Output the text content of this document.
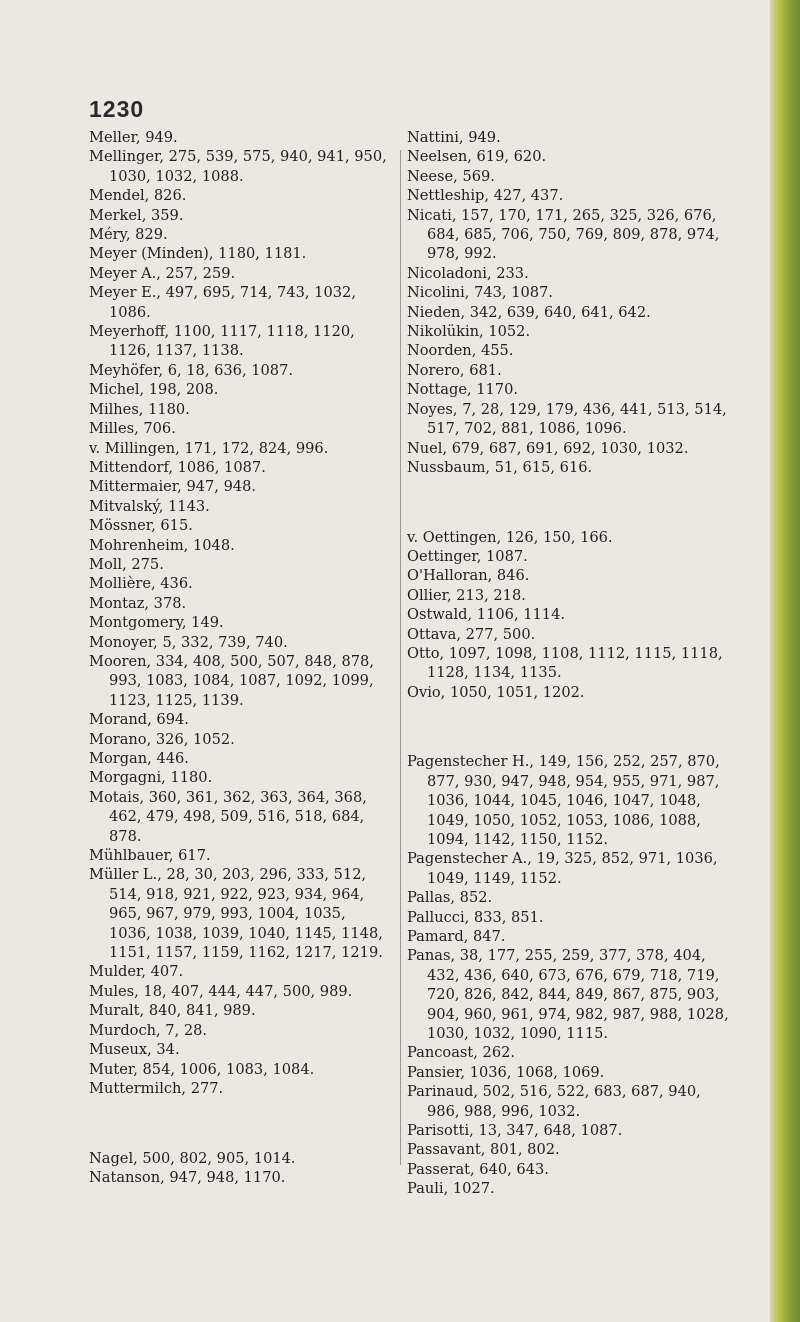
1230

Meller, 949.

Mellinger, 275, 539, 575, 940, 941, 950, 1030, 1032, 1088.

Mendel, 826.

Merkel, 359.

Méry, 829.

Meyer (Minden), 1180, 1181.

Meyer A., 257, 259.

Meyer E., 497, 695, 714, 743, 1032, 1086.

Meyerhoff, 1100, 1117, 1118, 1120, 1126, 1137, 1138.

Meyhöfer, 6, 18, 636, 1087.

Michel, 198, 208.

Milhes, 1180.

Milles, 706.

v. Millingen, 171, 172, 824, 996.

Mittendorf, 1086, 1087.

Mittermaier, 947, 948.

Mitvalský, 1143.

Mössner, 615.

Mohrenheim, 1048.

Moll, 275.

Mollière, 436.

Montaz, 378.

Montgomery, 149.

Monoyer, 5, 332, 739, 740.

Mooren, 334, 408, 500, 507, 848, 878, 993, 1083, 1084, 1087, 1092, 1099, 1123, 1125, 1139.

Morand, 694.

Morano, 326, 1052.

Morgan, 446.

Morgagni, 1180.

Motais, 360, 361, 362, 363, 364, 368, 462, 479, 498, 509, 516, 518, 684, 878.

Mühlbauer, 617.

Müller L., 28, 30, 203, 296, 333, 512, 514, 918, 921, 922, 923, 934, 964, 965, 967, 979, 993, 1004, 1035, 1036, 1038, 1039, 1040, 1145, 1148, 1151, 1157, 1159, 1162, 1217, 1219.

Mulder, 407.

Mules, 18, 407, 444, 447, 500, 989.

Muralt, 840, 841, 989.

Murdoch, 7, 28.

Museux, 34.

Muter, 854, 1006, 1083, 1084.

Muttermilch, 277.

Nagel, 500, 802, 905, 1014.

Natanson, 947, 948, 1170.

Nattini, 949.

Neelsen, 619, 620.

Neese, 569.

Nettleship, 427, 437.

Nicati, 157, 170, 171, 265, 325, 326, 676, 684, 685, 706, 750, 769, 809, 878, 974, 978, 992.

Nicoladoni, 233.

Nicolini, 743, 1087.

Nieden, 342, 639, 640, 641, 642.

Nikolükin, 1052.

Noorden, 455.

Norero, 681.

Nottage, 1170.

Noyes, 7, 28, 129, 179, 436, 441, 513, 514, 517, 702, 881, 1086, 1096.

Nuel, 679, 687, 691, 692, 1030, 1032.

Nussbaum, 51, 615, 616.

v. Oettingen, 126, 150, 166.

Oettinger, 1087.

O'Halloran, 846.

Ollier, 213, 218.

Ostwald, 1106, 1114.

Ottava, 277, 500.

Otto, 1097, 1098, 1108, 1112, 1115, 1118, 1128, 1134, 1135.

Ovio, 1050, 1051, 1202.

Pagenstecher H., 149, 156, 252, 257, 870, 877, 930, 947, 948, 954, 955, 971, 987, 1036, 1044, 1045, 1046, 1047, 1048, 1049, 1050, 1052, 1053, 1086, 1088, 1094, 1142, 1150, 1152.

Pagenstecher A., 19, 325, 852, 971, 1036, 1049, 1149, 1152.

Pallas, 852.

Pallucci, 833, 851.

Pamard, 847.

Panas, 38, 177, 255, 259, 377, 378, 404, 432, 436, 640, 673, 676, 679, 718, 719, 720, 826, 842, 844, 849, 867, 875, 903, 904, 960, 961, 974, 982, 987, 988, 1028, 1030, 1032, 1090, 1115.

Pancoast, 262.

Pansier, 1036, 1068, 1069.

Parinaud, 502, 516, 522, 683, 687, 940, 986, 988, 996, 1032.

Parisotti, 13, 347, 648, 1087.

Passavant, 801, 802.

Passerat, 640, 643.

Pauli, 1027.
